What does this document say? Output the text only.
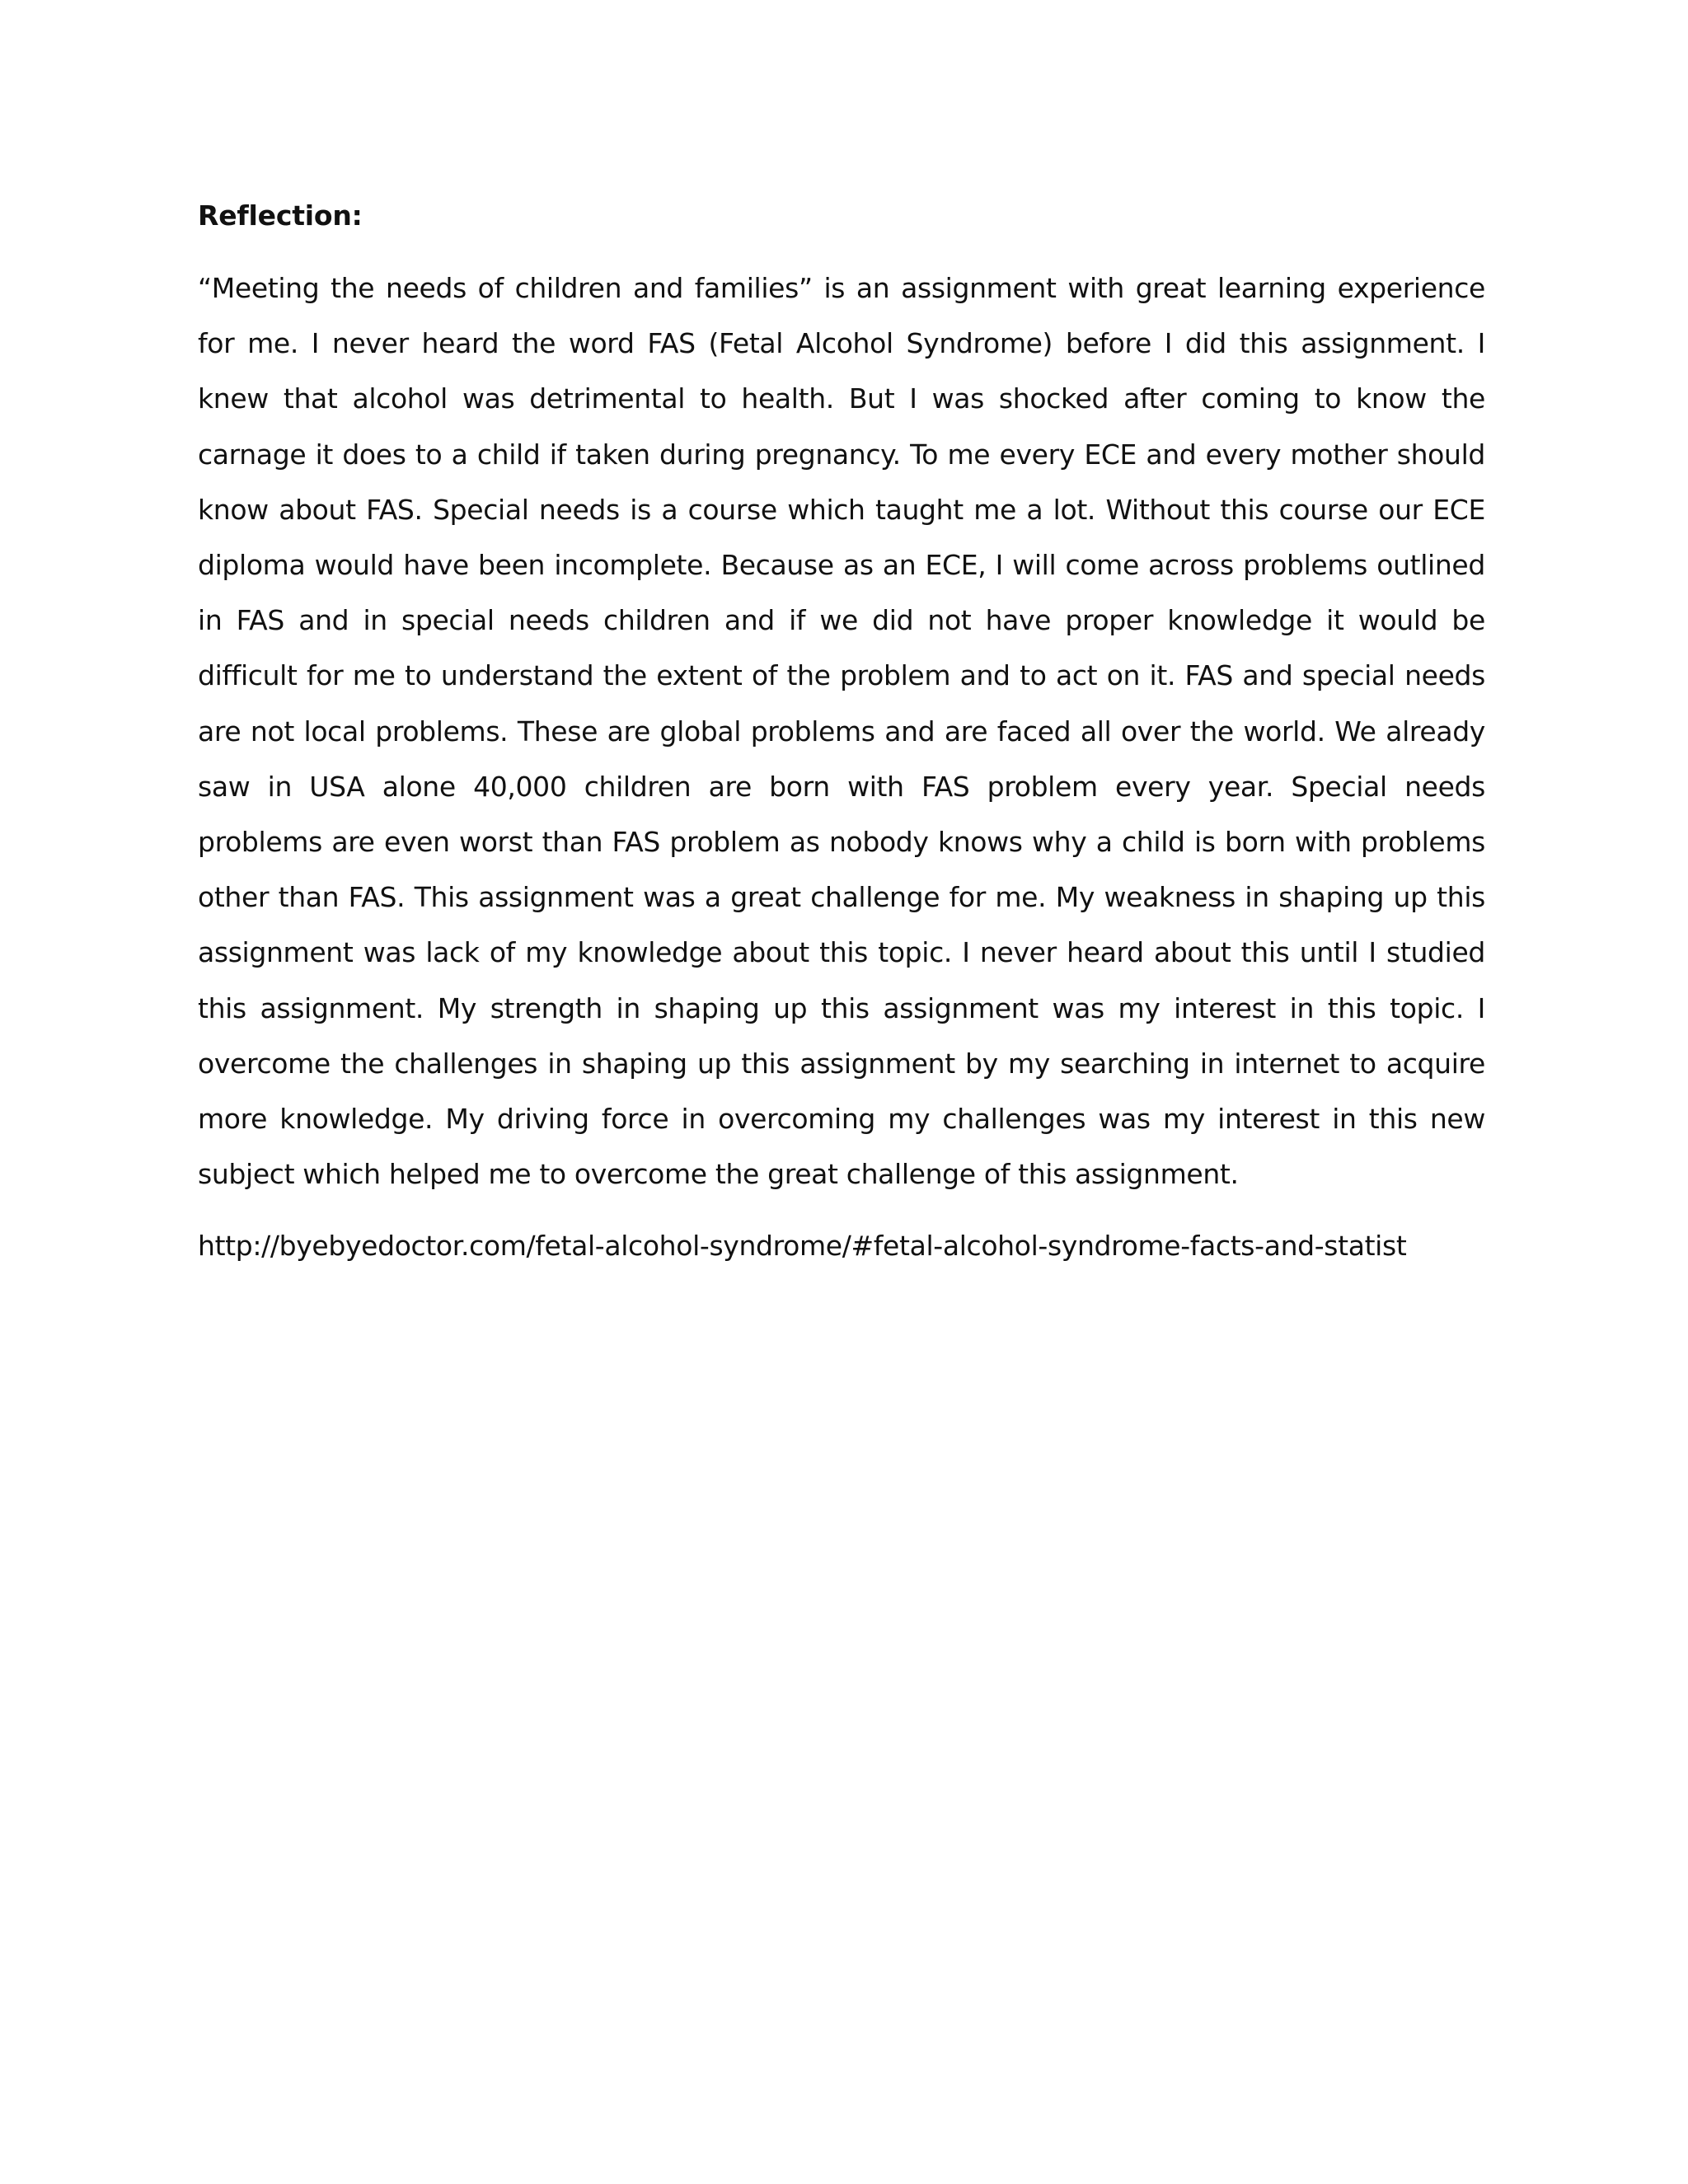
Reflection:

“Meeting the needs of children and families” is an assignment with great learning experience for me. I never heard the word FAS (Fetal Alcohol Syndrome) before I did this assignment. I knew that alcohol was detrimental to health. But I was shocked after coming to know the carnage it does to a child if taken during pregnancy. To me every ECE and every mother should know about FAS. Special needs is a course which taught me a lot. Without this course our ECE diploma would have been incomplete. Because as an ECE, I will come across problems outlined in FAS and in special needs children and if we did not have proper knowledge it would be difficult for me to understand the extent of the problem and to act on it. FAS and special needs are not local problems. These are global problems and are faced all over the world. We already saw in USA alone 40,000 children are born with FAS problem every year. Special needs problems are even worst than FAS problem as nobody knows why a child is born with problems other than FAS. This assignment was a great challenge for me. My weakness in shaping up this assignment was lack of my knowledge about this topic. I never heard about this until I studied this assignment. My strength in shaping up this assignment was my interest in this topic. I overcome the challenges in shaping up this assignment by my searching in internet to acquire more knowledge. My driving force in overcoming my challenges was my interest in this new subject which helped me to overcome the great challenge of this assignment.

http://byebyedoctor.com/fetal-alcohol-syndrome/#fetal-alcohol-syndrome-facts-and-statist
